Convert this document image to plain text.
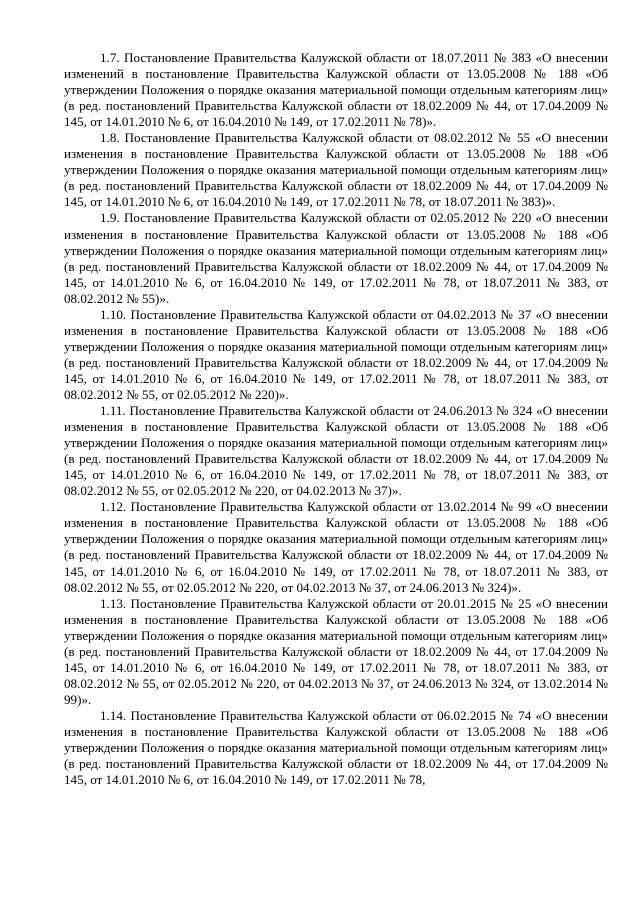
1.7. Постановление Правительства Калужской области от 18.07.2011 № 383 «О внесении изменений в постановление Правительства Калужской области от 13.05.2008 № 188 «Об утверждении Положения о порядке оказания материальной помощи отдельным категориям лиц» (в ред. постановлений Правительства Калужской области от 18.02.2009 № 44, от 17.04.2009 № 145, от 14.01.2010 № 6, от 16.04.2010 № 149, от 17.02.2011 № 78)».

1.8. Постановление Правительства Калужской области от 08.02.2012 № 55 «О внесении изменения в постановление Правительства Калужской области от 13.05.2008 № 188 «Об утверждении Положения о порядке оказания материальной помощи отдельным категориям лиц» (в ред. постановлений Правительства Калужской области от 18.02.2009 № 44, от 17.04.2009 № 145, от 14.01.2010 № 6, от 16.04.2010 № 149, от 17.02.2011 № 78, от 18.07.2011 № 383)».

1.9. Постановление Правительства Калужской области от 02.05.2012 № 220 «О внесении изменения в постановление Правительства Калужской области от 13.05.2008 № 188 «Об утверждении Положения о порядке оказания материальной помощи отдельным категориям лиц» (в ред. постановлений Правительства Калужской области от 18.02.2009 № 44, от 17.04.2009 № 145, от 14.01.2010 № 6, от 16.04.2010 № 149, от 17.02.2011 № 78, от 18.07.2011 № 383, от 08.02.2012 № 55)».

1.10. Постановление Правительства Калужской области от 04.02.2013 № 37 «О внесении изменения в постановление Правительства Калужской области от 13.05.2008 № 188 «Об утверждении Положения о порядке оказания материальной помощи отдельным категориям лиц» (в ред. постановлений Правительства Калужской области от 18.02.2009 № 44, от 17.04.2009 № 145, от 14.01.2010 № 6, от 16.04.2010 № 149, от 17.02.2011 № 78, от 18.07.2011 № 383, от 08.02.2012 № 55, от 02.05.2012 № 220)».

1.11. Постановление Правительства Калужской области от 24.06.2013 № 324 «О внесении изменения в постановление Правительства Калужской области от 13.05.2008 № 188 «Об утверждении Положения о порядке оказания материальной помощи отдельным категориям лиц» (в ред. постановлений Правительства Калужской области от 18.02.2009 № 44, от 17.04.2009 № 145, от 14.01.2010 № 6, от 16.04.2010 № 149, от 17.02.2011 № 78, от 18.07.2011 № 383, от 08.02.2012 № 55, от 02.05.2012 № 220, от 04.02.2013 № 37)».

1.12. Постановление Правительства Калужской области от 13.02.2014 № 99 «О внесении изменения в постановление Правительства Калужской области от 13.05.2008 № 188 «Об утверждении Положения о порядке оказания материальной помощи отдельным категориям лиц» (в ред. постановлений Правительства Калужской области от 18.02.2009 № 44, от 17.04.2009 № 145, от 14.01.2010 № 6, от 16.04.2010 № 149, от 17.02.2011 № 78, от 18.07.2011 № 383, от 08.02.2012 № 55, от 02.05.2012 № 220, от 04.02.2013 № 37, от 24.06.2013 № 324)».

1.13. Постановление Правительства Калужской области от 20.01.2015 № 25 «О внесении изменения в постановление Правительства Калужской области от 13.05.2008 № 188 «Об утверждении Положения о порядке оказания материальной помощи отдельным категориям лиц» (в ред. постановлений Правительства Калужской области от 18.02.2009 № 44, от 17.04.2009 № 145, от 14.01.2010 № 6, от 16.04.2010 № 149, от 17.02.2011 № 78, от 18.07.2011 № 383, от 08.02.2012 № 55, от 02.05.2012 № 220, от 04.02.2013 № 37, от 24.06.2013 № 324, от 13.02.2014 № 99)».

1.14. Постановление Правительства Калужской области от 06.02.2015 № 74 «О внесении изменения в постановление Правительства Калужской области от 13.05.2008 № 188 «Об утверждении Положения о порядке оказания материальной помощи отдельным категориям лиц» (в ред. постановлений Правительства Калужской области от 18.02.2009 № 44, от 17.04.2009 № 145, от 14.01.2010 № 6, от 16.04.2010 № 149, от 17.02.2011 № 78,
